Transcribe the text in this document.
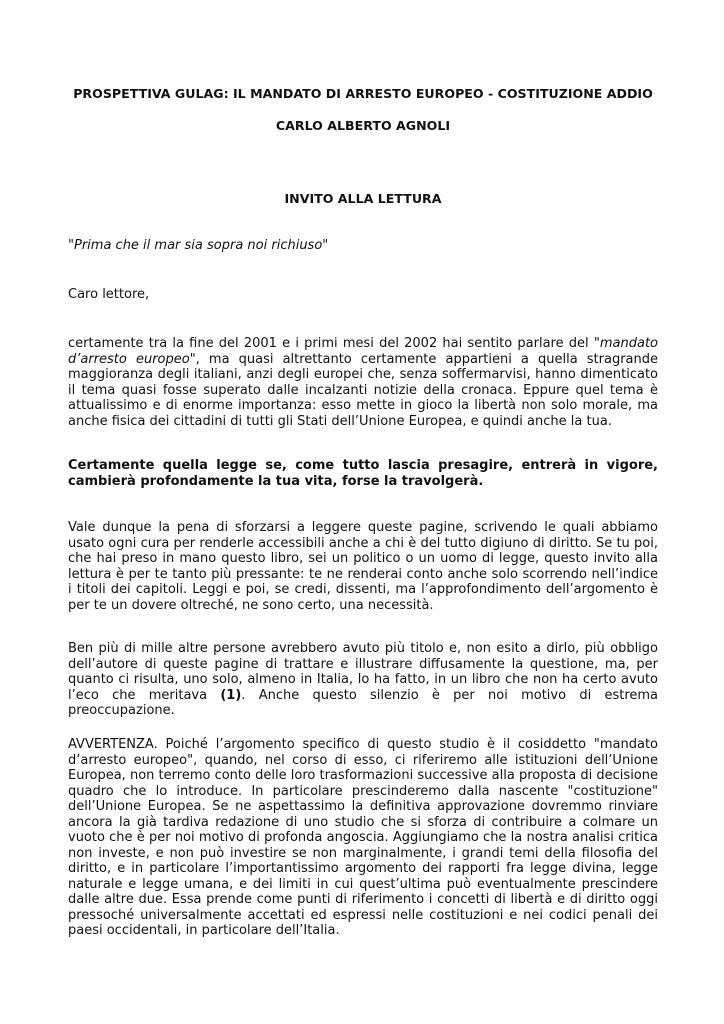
PROSPETTIVA GULAG: IL MANDATO DI ARRESTO EUROPEO - COSTITUZIONE ADDIO
CARLO ALBERTO AGNOLI
INVITO ALLA LETTURA
"Prima che il mar sia sopra noi richiuso"
Caro lettore,

certamente tra la fine del 2001 e i primi mesi del 2002 hai sentito parlare del "mandato d’arresto europeo", ma quasi altrettanto certamente appartieni a quella stragrande maggioranza degli italiani, anzi degli europei che, senza soffermarvisi, hanno dimenticato il tema quasi fosse superato dalle incalzanti notizie della cronaca. Eppure quel tema è attualissimo e di enorme importanza: esso mette in gioco la libertà non solo morale, ma anche fisica dei cittadini di tutti gli Stati dell’Unione Europea, e quindi anche la tua.

Certamente quella legge se, come tutto lascia presagire, entrerà in vigore, cambierà profondamente la tua vita, forse la travolgerà.

Vale dunque la pena di sforzarsi a leggere queste pagine, scrivendo le quali abbiamo usato ogni cura per renderle accessibili anche a chi è del tutto digiuno di diritto. Se tu poi, che hai preso in mano questo libro, sei un politico o un uomo di legge, questo invito alla lettura è per te tanto più pressante: te ne renderai conto anche solo scorrendo nell’indice i titoli dei capitoli. Leggi e poi, se credi, dissenti, ma l’approfondimento dell’argomento è per te un dovere oltreché, ne sono certo, una necessità.

Ben più di mille altre persone avrebbero avuto più titolo e, non esito a dirlo, più obbligo dell’autore di queste pagine di trattare e illustrare diffusamente la questione, ma, per quanto ci risulta, uno solo, almeno in Italia, lo ha fatto, in un libro che non ha certo avuto l’eco che meritava (1). Anche questo silenzio è per noi motivo di estrema preoccupazione.

AVVERTENZA. Poiché l’argomento specifico di questo studio è il cosiddetto "mandato d’arresto europeo", quando, nel corso di esso, ci riferiremo alle istituzioni dell’Unione Europea, non terremo conto delle loro trasformazioni successive alla proposta di decisione quadro che lo introduce. In particolare prescinderemo dalla nascente "costituzione" dell’Unione Europea. Se ne aspettassimo la definitiva approvazione dovremmo rinviare ancora la già tardiva redazione di uno studio che si sforza di contribuire a colmare un vuoto che è per noi motivo di profonda angoscia. Aggiungiamo che la nostra analisi critica non investe, e non può investire se non marginalmente, i grandi temi della filosofia del diritto, e in particolare l’importantissimo argomento dei rapporti fra legge divina, legge naturale e legge umana, e dei limiti in cui quest’ultima può eventualmente prescindere dalle altre due. Essa prende come punti di riferimento i concetti di libertà e di diritto oggi pressoché universalmente accettati ed espressi nelle costituzioni e nei codici penali dei paesi occidentali, in particolare dell’Italia.
